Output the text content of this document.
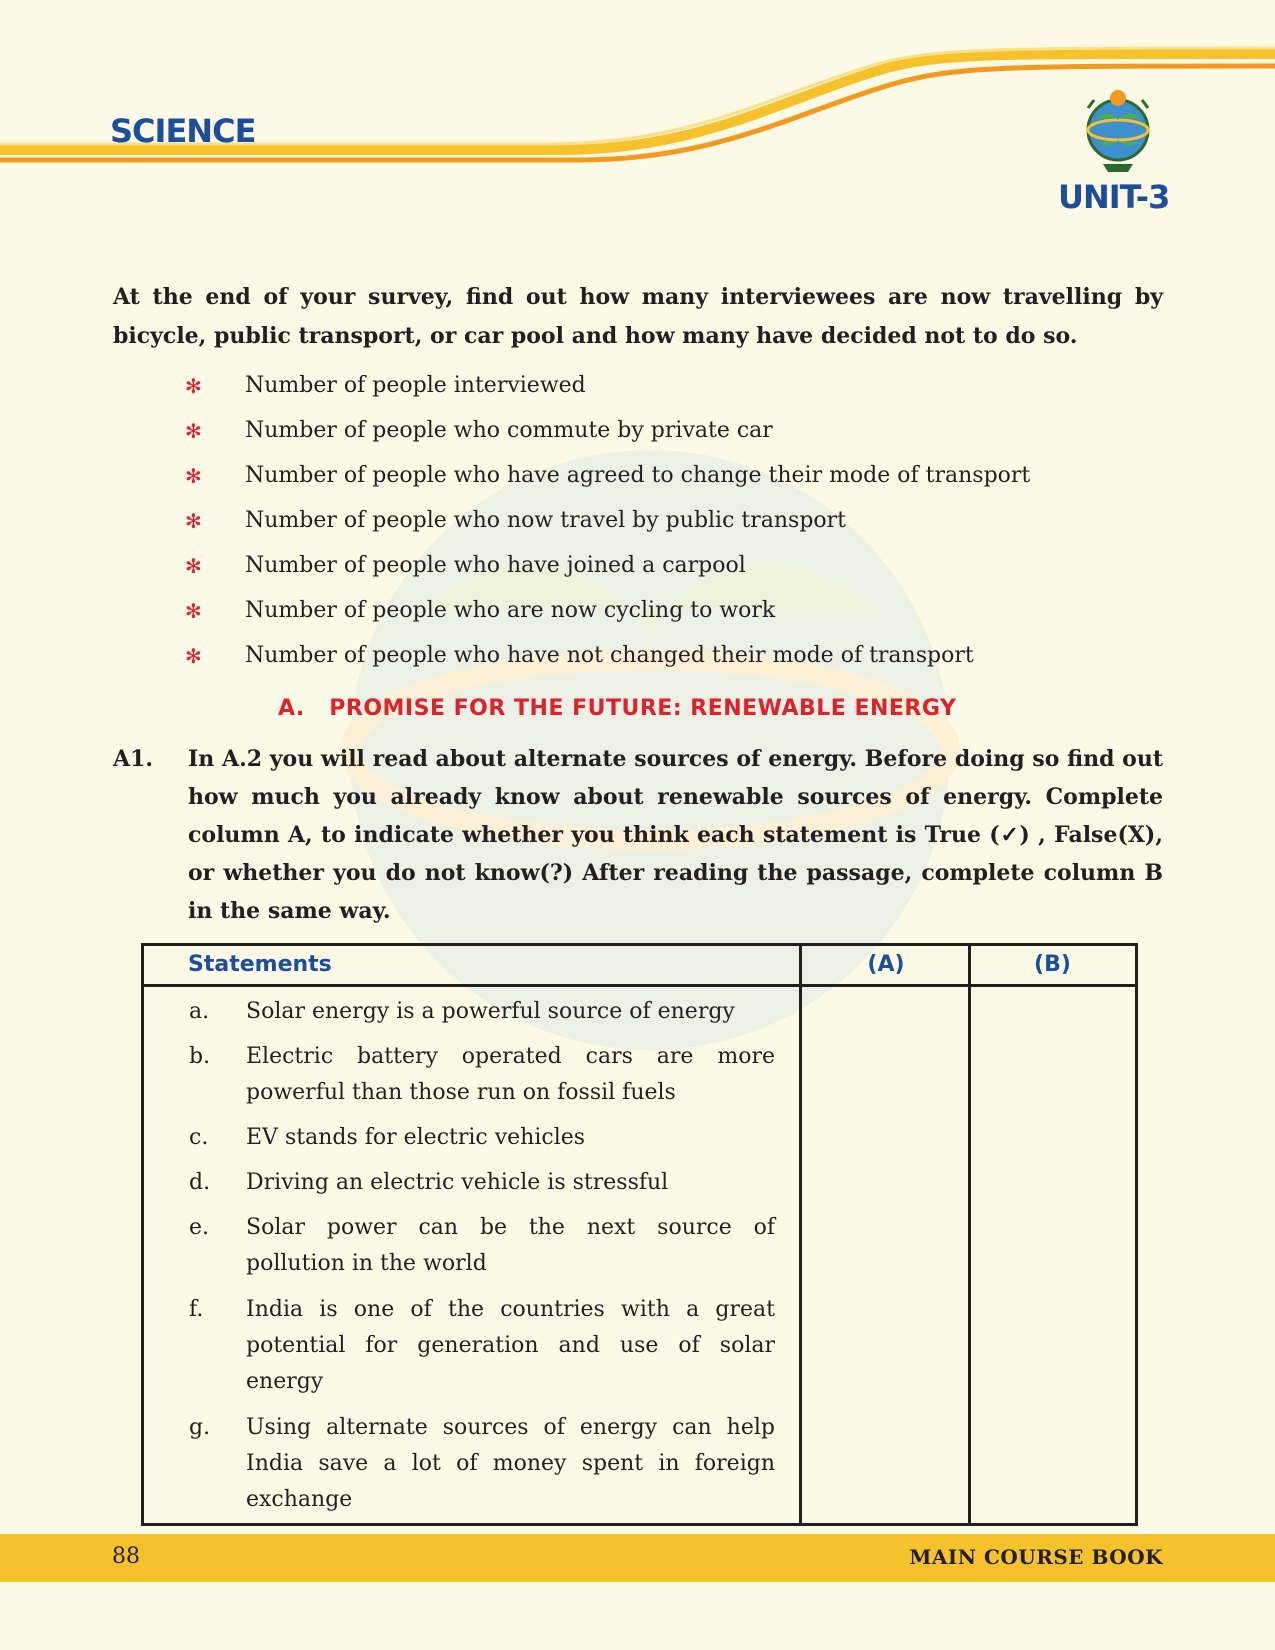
SCIENCE
UNIT-3

At the end of your survey, find out how many interviewees are now travelling by bicycle, public transport, or car pool and how many have decided not to do so.

✻ Number of people interviewed
✻ Number of people who commute by private car
✻ Number of people who have agreed to change their mode of transport
✻ Number of people who now travel by public transport
✻ Number of people who have joined a carpool
✻ Number of people who are now cycling to work
✻ Number of people who have not changed their mode of transport
A.   PROMISE FOR THE FUTURE: RENEWABLE ENERGY
A1. In A.2 you will read about alternate sources of energy. Before doing so find out how much you already know about renewable sources of energy. Complete column A, to indicate whether you think each statement is True (✓) , False(X), or whether you do not know(?) After reading the passage, complete column B in the same way.

Statements	(A)	(B)
a. Solar energy is a powerful source of energy
b. Electric battery operated cars are more powerful than those run on fossil fuels
c. EV stands for electric vehicles
d. Driving an electric vehicle is stressful
e. Solar power can be the next source of pollution in the world
f. India is one of the countries with a great potential for generation and use of solar energy
g. Using alternate sources of energy can help India save a lot of money spent in foreign exchange
88	MAIN COURSE BOOK
